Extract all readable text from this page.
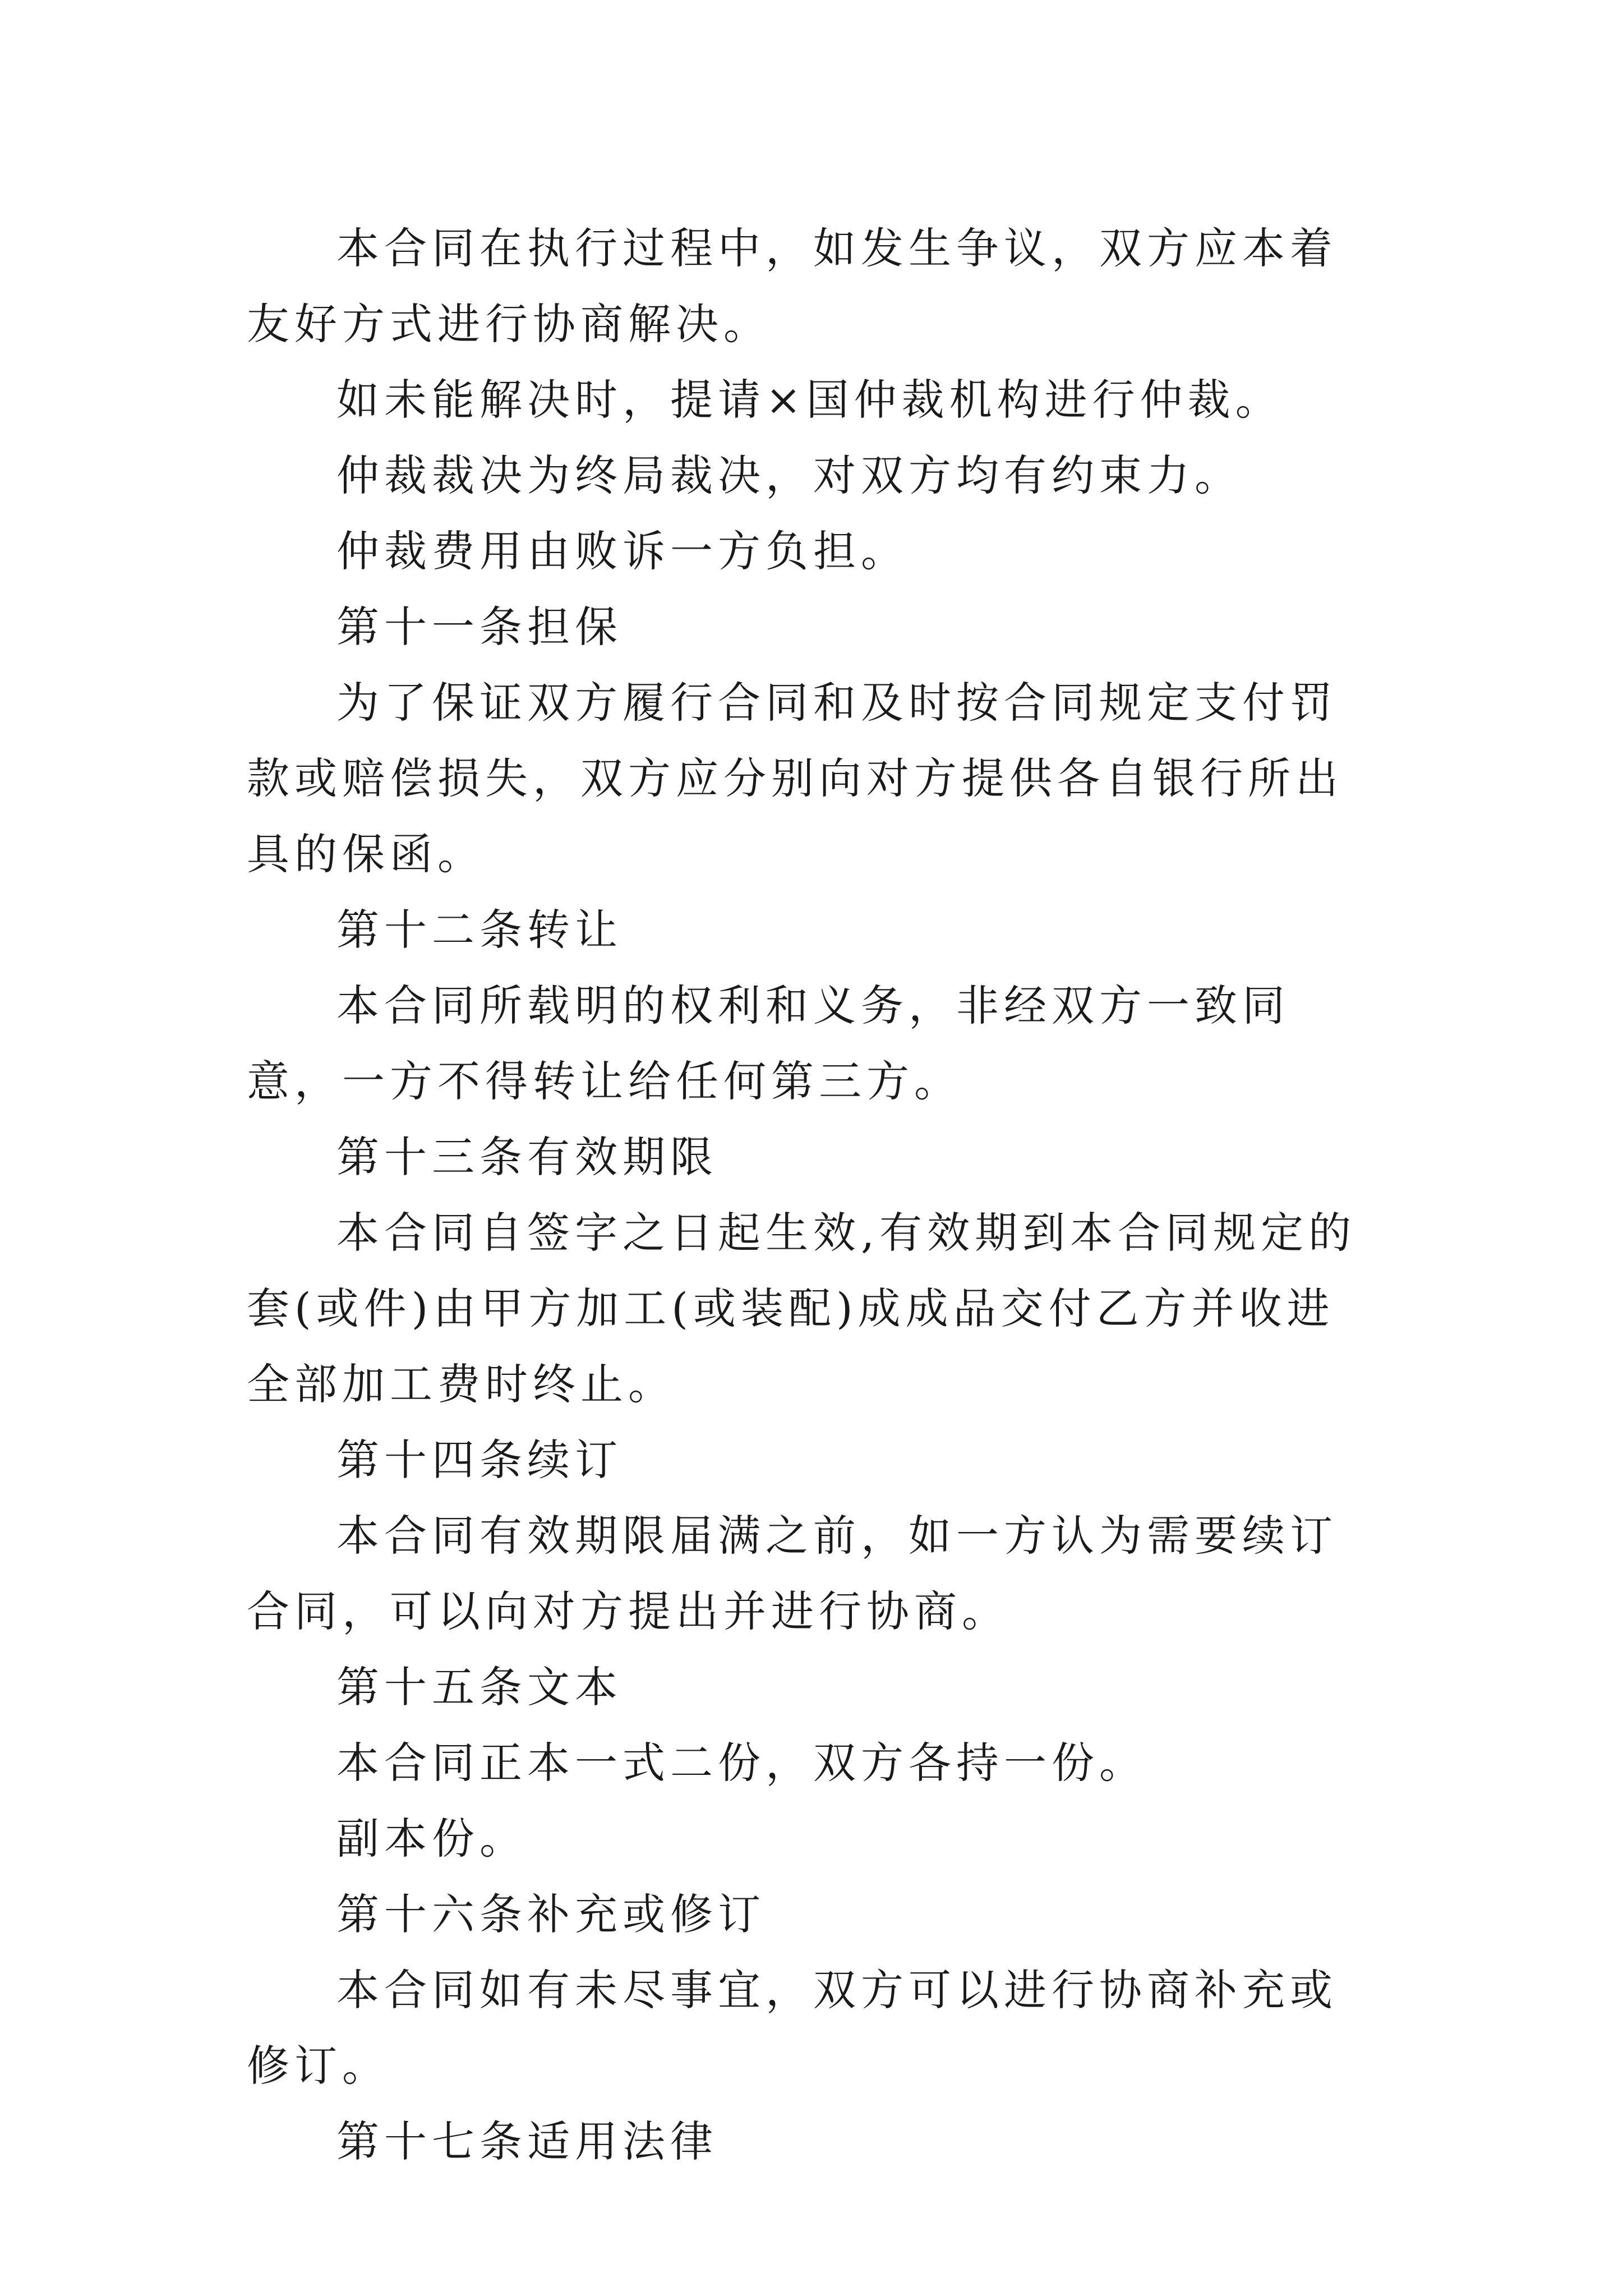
本合同在执行过程中，如发生争议，双方应本着友好方式进行协商解决。

如未能解决时，提请×国仲裁机构进行仲裁。

仲裁裁决为终局裁决，对双方均有约束力。

仲裁费用由败诉一方负担。

第十一条担保

为了保证双方履行合同和及时按合同规定支付罚款或赔偿损失，双方应分别向对方提供各自银行所出具的保函。

第十二条转让

本合同所载明的权利和义务，非经双方一致同意，一方不得转让给任何第三方。

第十三条有效期限

本合同自签字之日起生效,有效期到本合同规定的套(或件)由甲方加工(或装配)成成品交付乙方并收进全部加工费时终止。

第十四条续订

本合同有效期限届满之前，如一方认为需要续订合同，可以向对方提出并进行协商。

第十五条文本

本合同正本一式二份，双方各持一份。

副本份。

第十六条补充或修订

本合同如有未尽事宜，双方可以进行协商补充或修订。

第十七条适用法律
